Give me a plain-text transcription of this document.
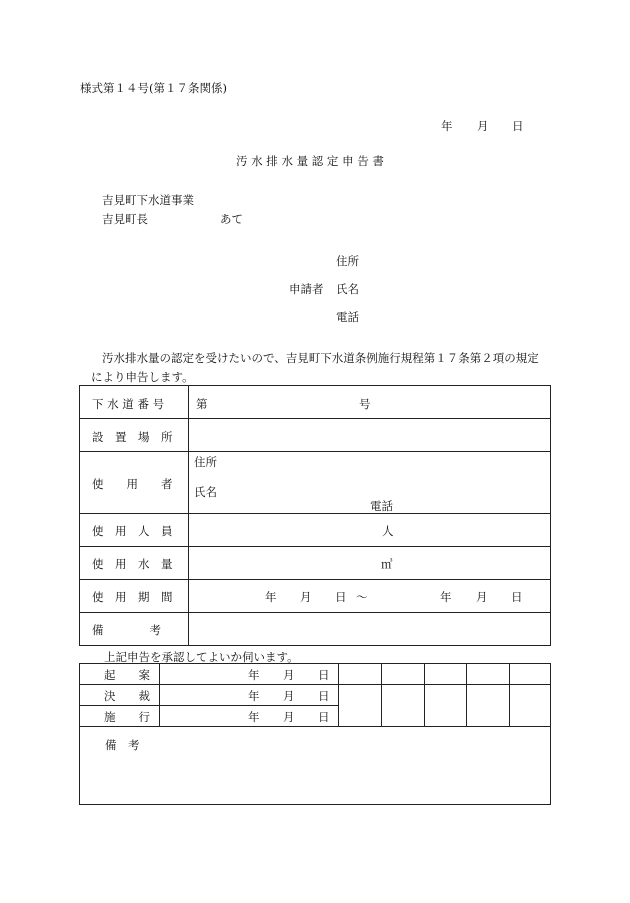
様式第１４号(第１７条関係)
年 月 日
汚 水 排 水 量 認 定 申 告 書
吉見町下水道事業
吉見町長	あて
住所
申請者 氏名
電話
汚水排水量の認定を受けたいので、吉見町下水道条例施行規程第１７条第２項の規定
により申告します。
下 水 道 番 号	第	号
設　置　場　所
使　　用　　者
住所
氏名
電話
使　用　人　員	人
使　用　水　量	㎥
使　用　期　間	年 月 日 ～	年 月 日
備　　　　考
上記申告を承認してよいか伺います。
起　　案	年 月 日
決　　裁	年 月 日
施　　行	年 月 日
備　考
